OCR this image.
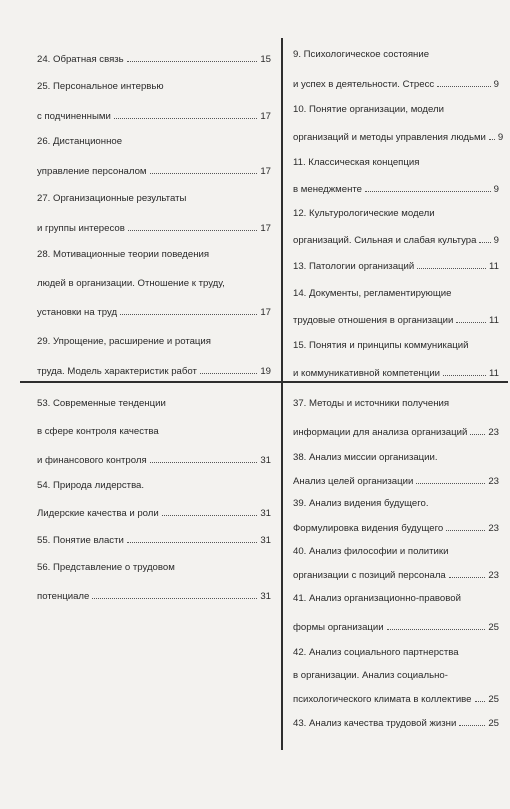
24. Обратная связь	15
25. Персональное интервью
с подчиненными	17
26. Дистанционное
управление персоналом	17
27. Организационные результаты
и группы интересов	17
28. Мотивационные теории поведения
людей в организации. Отношение к труду,
установки на труд	17
29. Упрощение, расширение и ротация
труда. Модель характеристик работ	19
9. Психологическое состояние
и успех в деятельности. Стресс	9
10. Понятие организации, модели
организаций и методы управления людьми 9
11. Классическая концепция
в менеджменте	9
12. Культурологические модели
организаций. Сильная и слабая культура 9
13. Патологии организаций	11
14. Документы, регламентирующие
трудовые отношения в организации	11
15. Понятия и принципы коммуникаций
и коммуникативной компетенции	11
53. Современные тенденции
в сфере контроля качества
и финансового контроля	31
54. Природа лидерства.
Лидерские качества и роли	31
55. Понятие власти	31
56. Представление о трудовом
потенциале	31
37. Методы и источники получения
информации для анализа организаций 23
38. Анализ миссии организации.
Анализ целей организации	23
39. Анализ видения будущего.
Формулировка видения будущего	23
40. Анализ философии и политики
организации с позиций персонала	23
41. Анализ организационно-правовой
формы организации	25
42. Анализ социального партнерства
в организации. Анализ социально-
психологического климата в коллективе 25
43. Анализ качества трудовой жизни	25
